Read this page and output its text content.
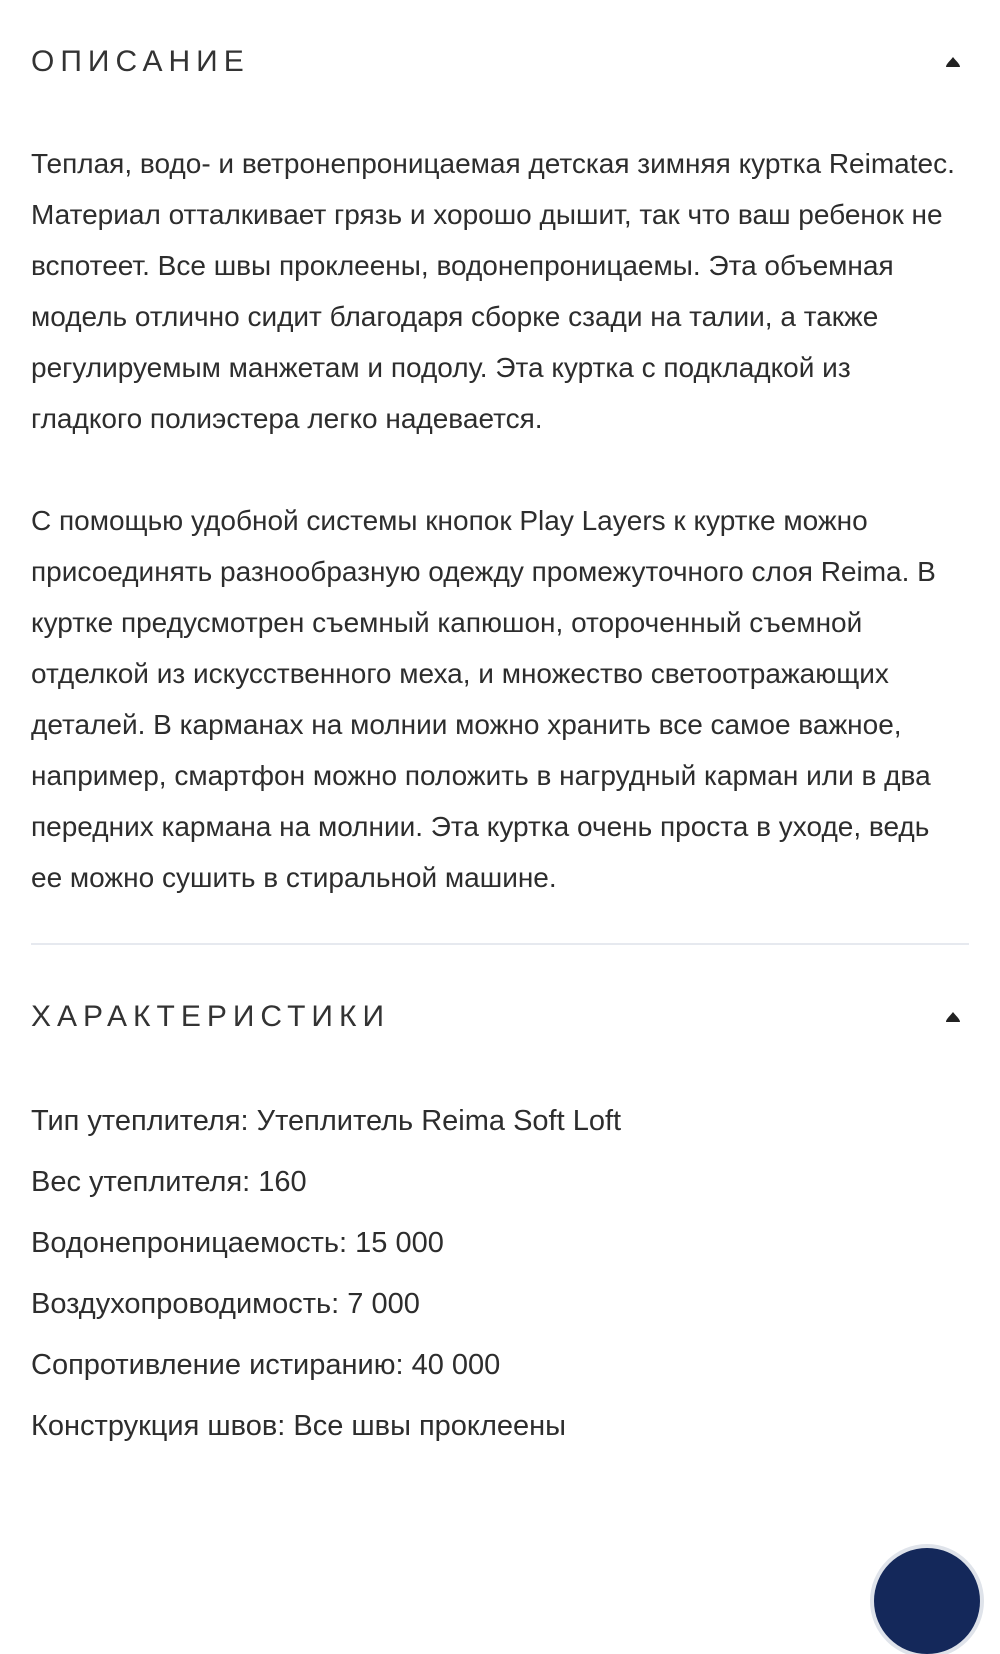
ОПИСАНИЕ

Теплая, водо- и ветронепроницаемая детская зимняя куртка Reimatec. Материал отталкивает грязь и хорошо дышит, так что ваш ребенок не вспотеет. Все швы проклеены, водонепроницаемы. Эта объемная модель отлично сидит благодаря сборке сзади на талии, а также регулируемым манжетам и подолу. Эта куртка с подкладкой из гладкого полиэстера легко надевается.

С помощью удобной системы кнопок Play Layers к куртке можно присоединять разнообразную одежду промежуточного слоя Reima. В куртке предусмотрен съемный капюшон, отороченный съемной отделкой из искусственного меха, и множество светоотражающих деталей. В карманах на молнии можно хранить все самое важное, например, смартфон можно положить в нагрудный карман или в два передних кармана на молнии. Эта куртка очень проста в уходе, ведь ее можно сушить в стиральной машине.

ХАРАКТЕРИСТИКИ
Тип утеплителя: Утеплитель Reima Soft Loft
Вес утеплителя: 160
Водонепроницаемость: 15 000
Воздухопроводимость: 7 000
Сопротивление истиранию: 40 000
Конструкция швов: Все швы проклеены
